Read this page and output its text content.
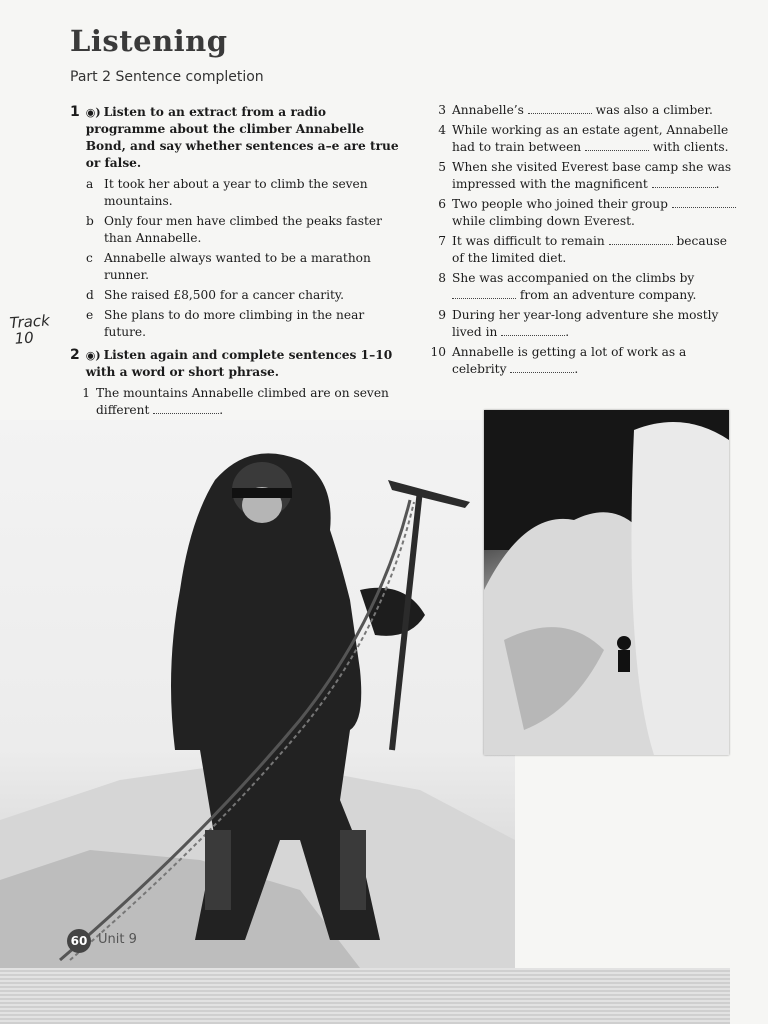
Listening

Part 2 Sentence completion

Track
10
1 ◉) Listen to an extract from a radio programme about the climber Annabelle Bond, and say whether sentences a–e are true or false.
a It took her about a year to climb the seven mountains.
b Only four men have climbed the peaks faster than Annabelle.
c Annabelle always wanted to be a marathon runner.
d She raised £8,500 for a cancer charity.
e She plans to do more climbing in the near future.
2 ◉) Listen again and complete sentences 1–10 with a word or short phrase.
1 The mountains Annabelle climbed are on seven different	.
3 Annabelle’s	was also a climber.
4 While working as an estate agent, Annabelle had to train between	with clients.
5 When she visited Everest base camp she was impressed with the magnificent	.
6 Two people who joined their group  while climbing down Everest.
7 It was difficult to remain	because of the limited diet.
8 She was accompanied on the climbs by  from an adventure company.
9 During her year-long adventure she mostly lived in	.
10 Annabelle is getting a lot of work as a celebrity	.
60 Unit 9
